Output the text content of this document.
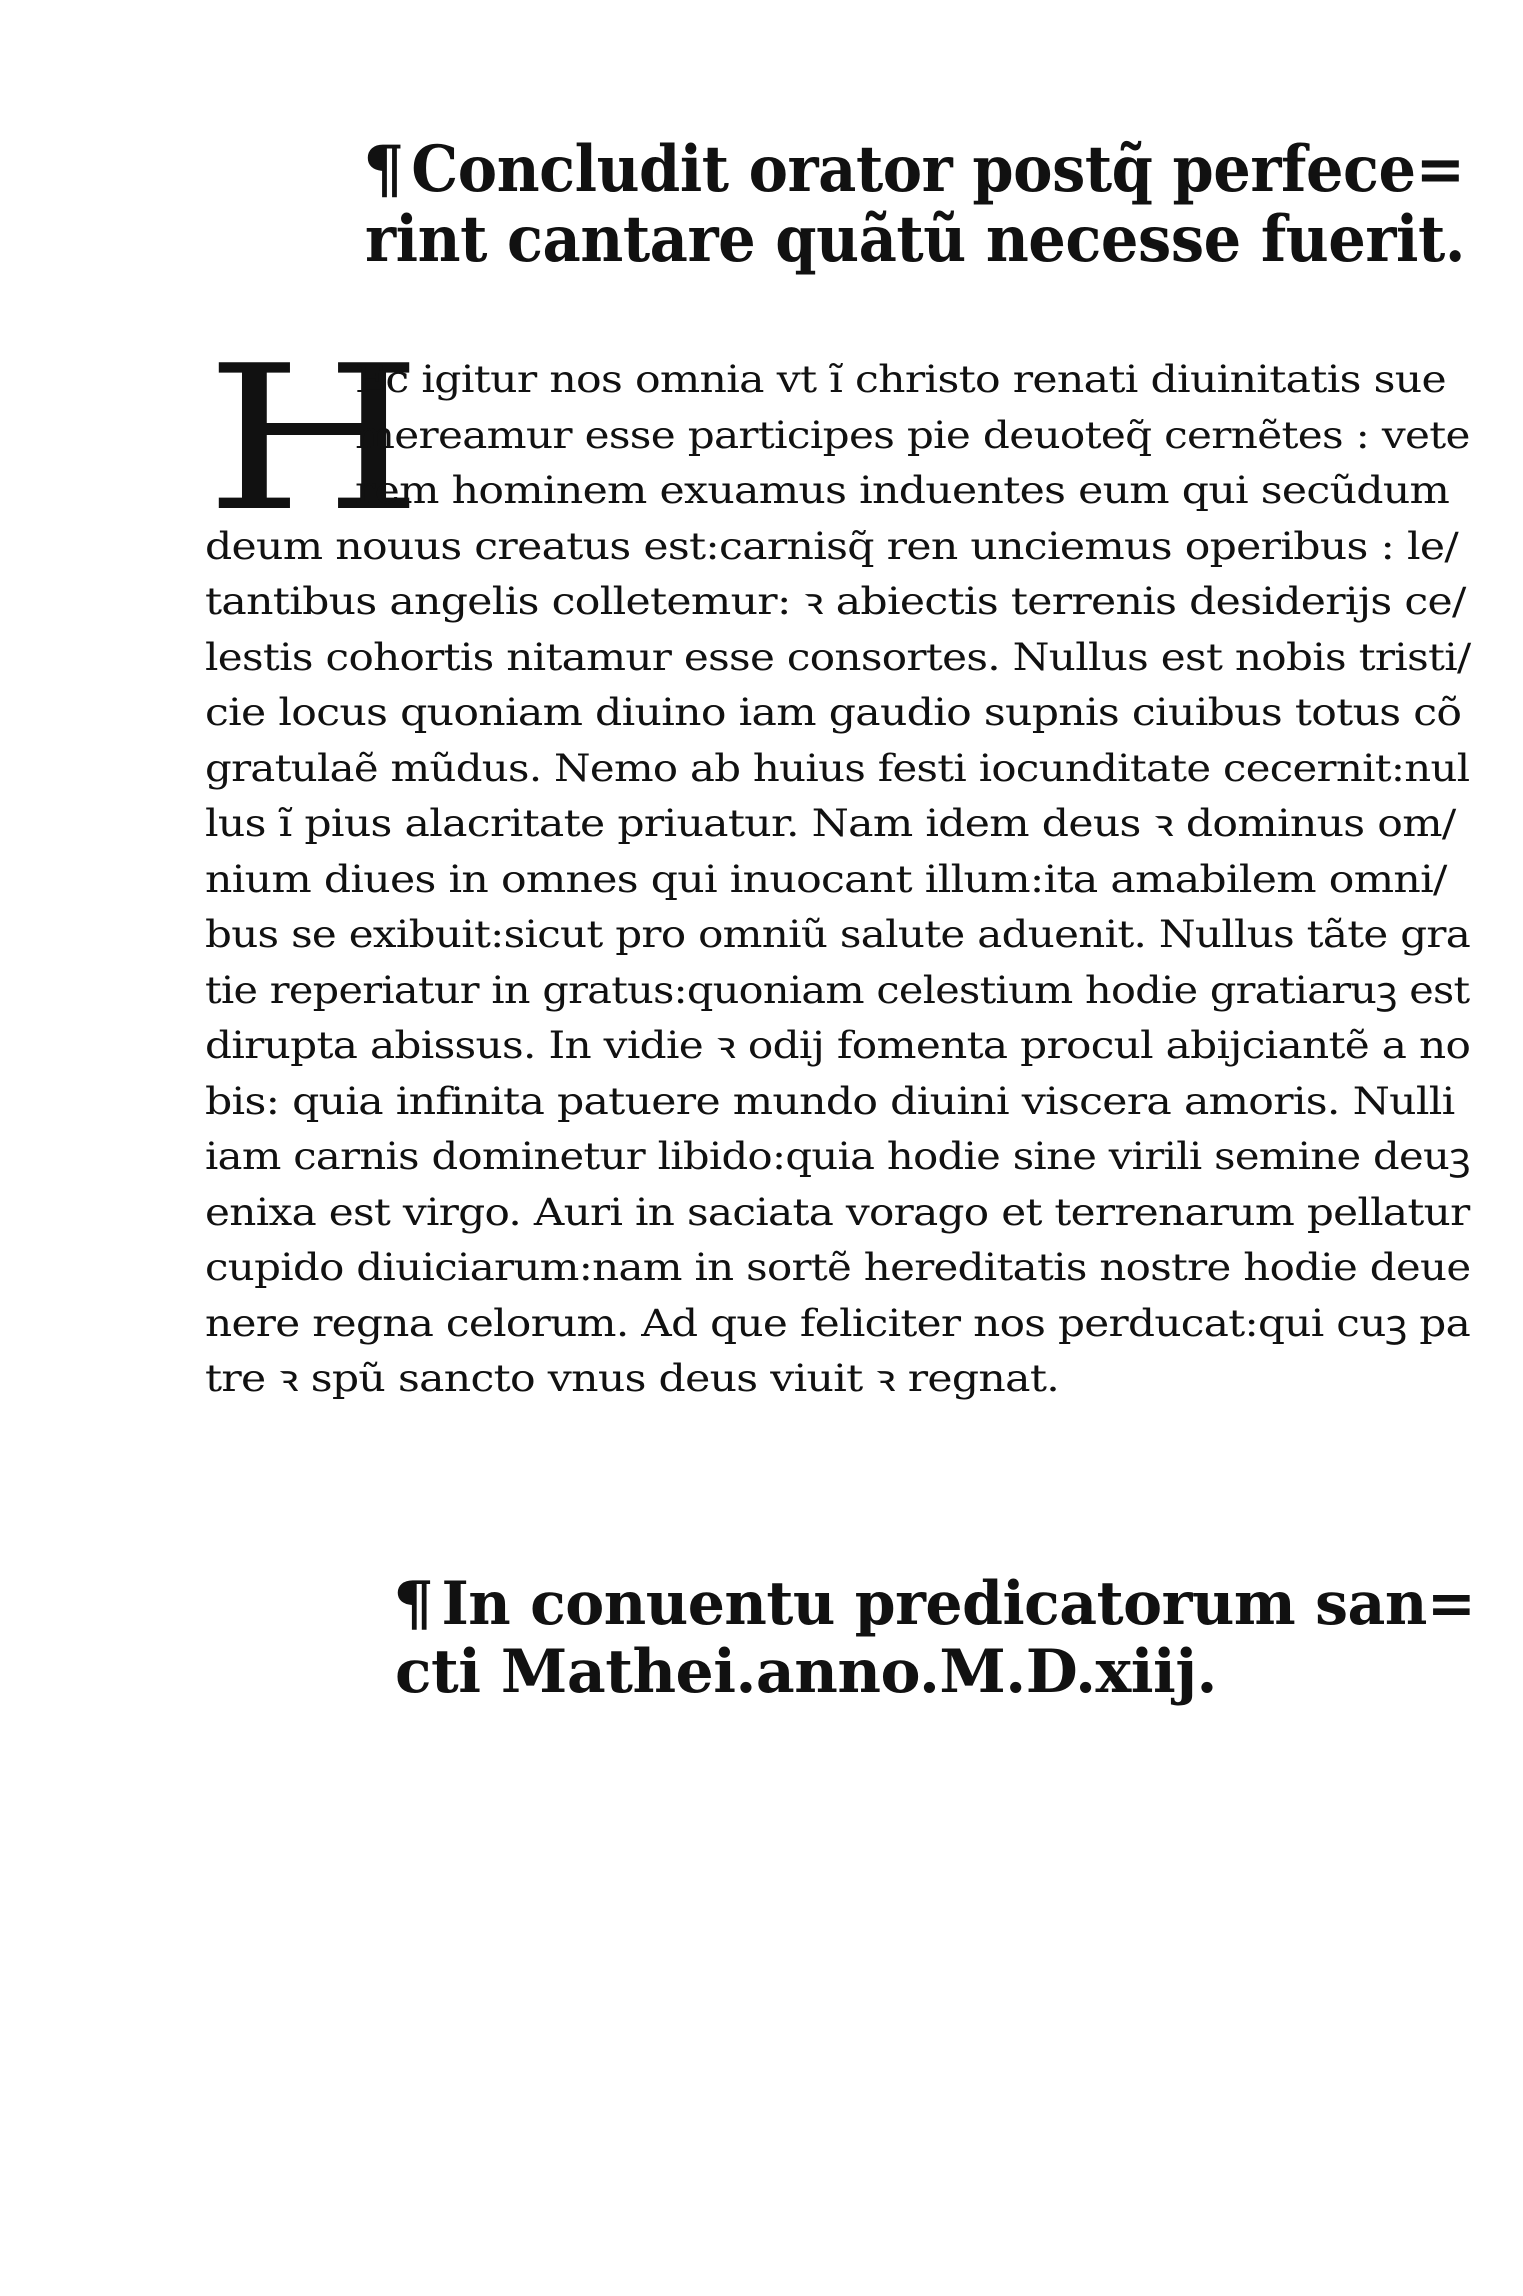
¶ Concludit orator postq̃ perfece=
rint cantare quãtũ necesse fuerit.
H
Ec igitur nos omnia vt ĩ christo renati diuinitatis sue
mereamur esse participes pie deuoteq̃ cernẽtes : vete
rem hominem exuamus induentes eum qui secũdum
deum nouus creatus est:carnisq̃ ren unciemus operibus : le/
tantibus angelis colletemur: ꝛ abiectis terrenis desiderijs ce/
lestis cohortis nitamur esse consortes. Nullus est nobis tristi/
cie locus quoniam diuino iam gaudio supnis ciuibus totus cõ
gratulaẽ mũdus. Nemo ab huius festi iocunditate cecernit:nul
lus ĩ pius alacritate priuatur. Nam idem deus ꝛ dominus om/
nium diues in omnes qui inuocant illum:ita amabilem omni/
bus se exibuit:sicut pro omniũ salute aduenit. Nullus tãte gra
tie reperiatur in gratus:quoniam celestium hodie gratiaruꝫ est
dirupta abissus. In vidie ꝛ odij fomenta procul abijciantẽ a no
bis: quia infinita patuere mundo diuini viscera amoris. Nulli
iam carnis dominetur libido:quia hodie sine virili semine deuꝫ
enixa est virgo. Auri in saciata vorago et terrenarum pellatur
cupido diuiciarum:nam in sortẽ hereditatis nostre hodie deue
nere regna celorum. Ad que feliciter nos perducat:qui cuꝫ pa
tre ꝛ spũ sancto vnus deus viuit ꝛ regnat.
¶ In conuentu predicatorum san=
cti Mathei.anno.M.D.xiij.
